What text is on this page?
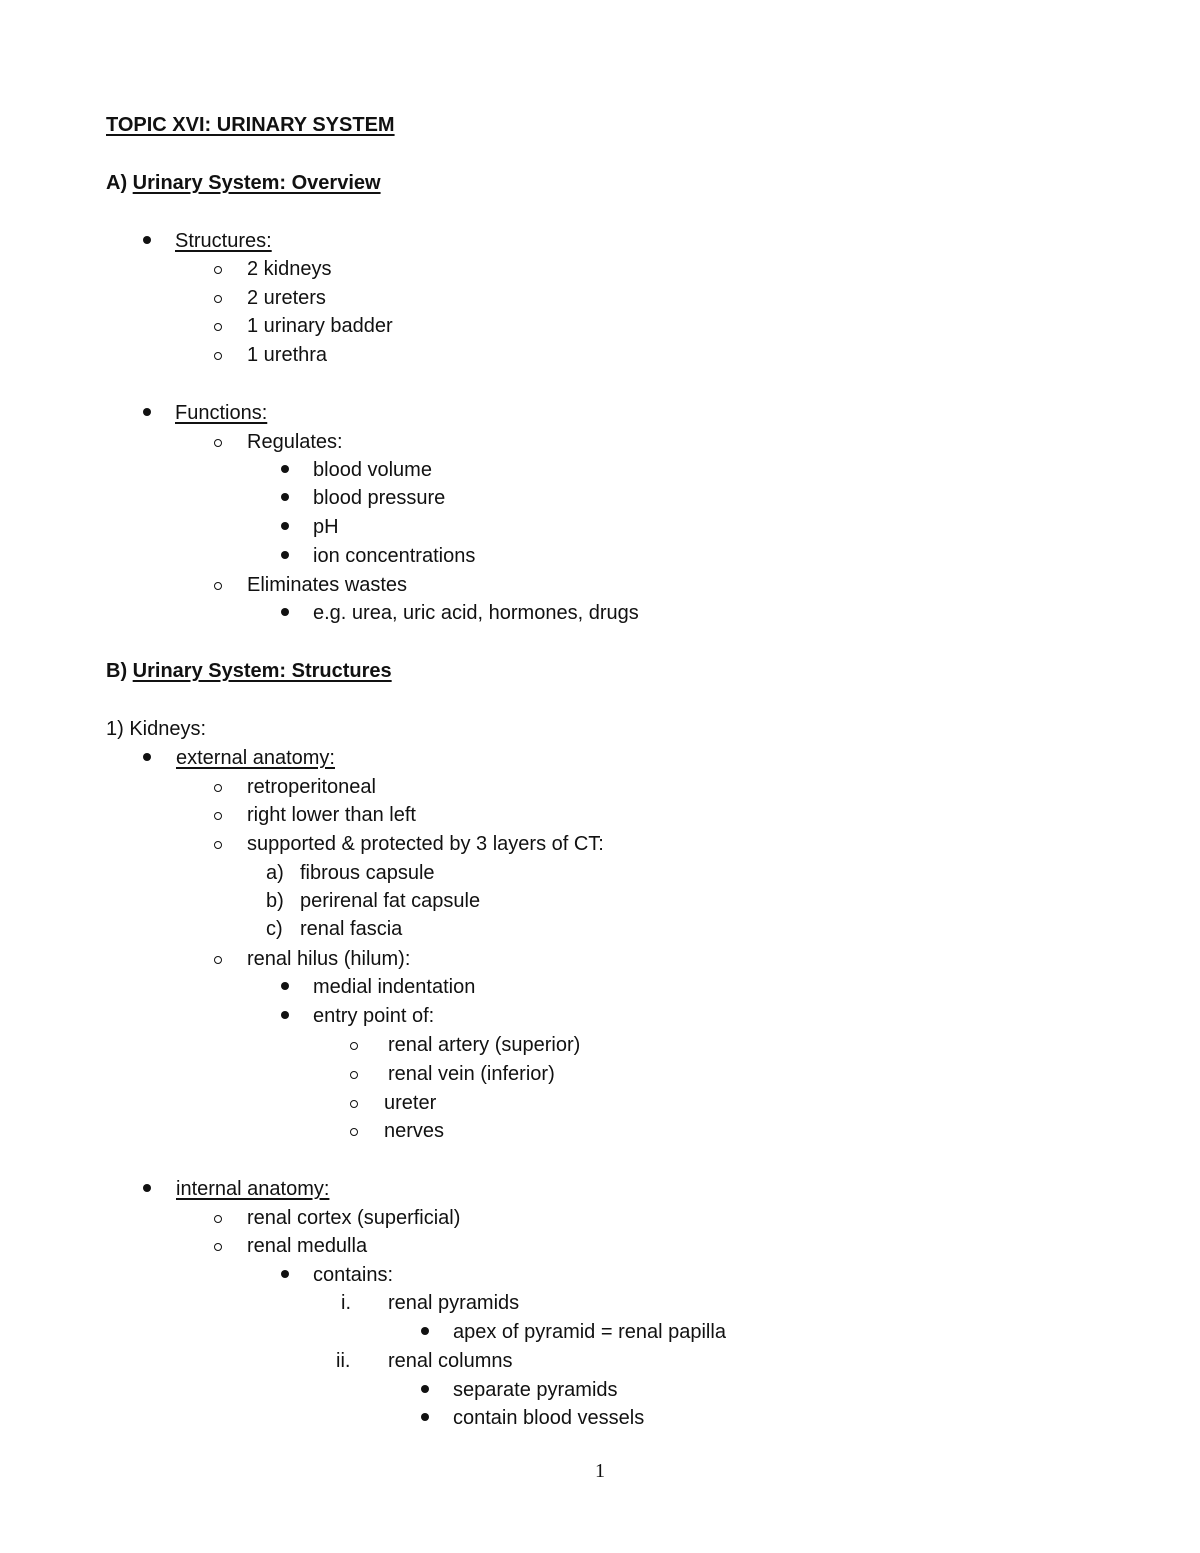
TOPIC XVI: URINARY SYSTEM
A) Urinary System: Overview
Structures:
2 kidneys
2 ureters
1 urinary badder
1 urethra
Functions:
Regulates:
blood volume
blood pressure
pH
ion concentrations
Eliminates wastes
e.g. urea, uric acid, hormones, drugs
B) Urinary System: Structures
1) Kidneys:
external anatomy:
retroperitoneal
right lower than left
supported & protected by 3 layers of CT:
a) fibrous capsule
b) perirenal fat capsule
c) renal fascia
renal hilus (hilum):
medial indentation
entry point of:
renal artery (superior)
renal vein (inferior)
ureter
nerves
internal anatomy:
renal cortex (superficial)
renal medulla
contains:
i. renal pyramids
apex of pyramid = renal papilla
ii. renal columns
separate pyramids
contain blood vessels
1
